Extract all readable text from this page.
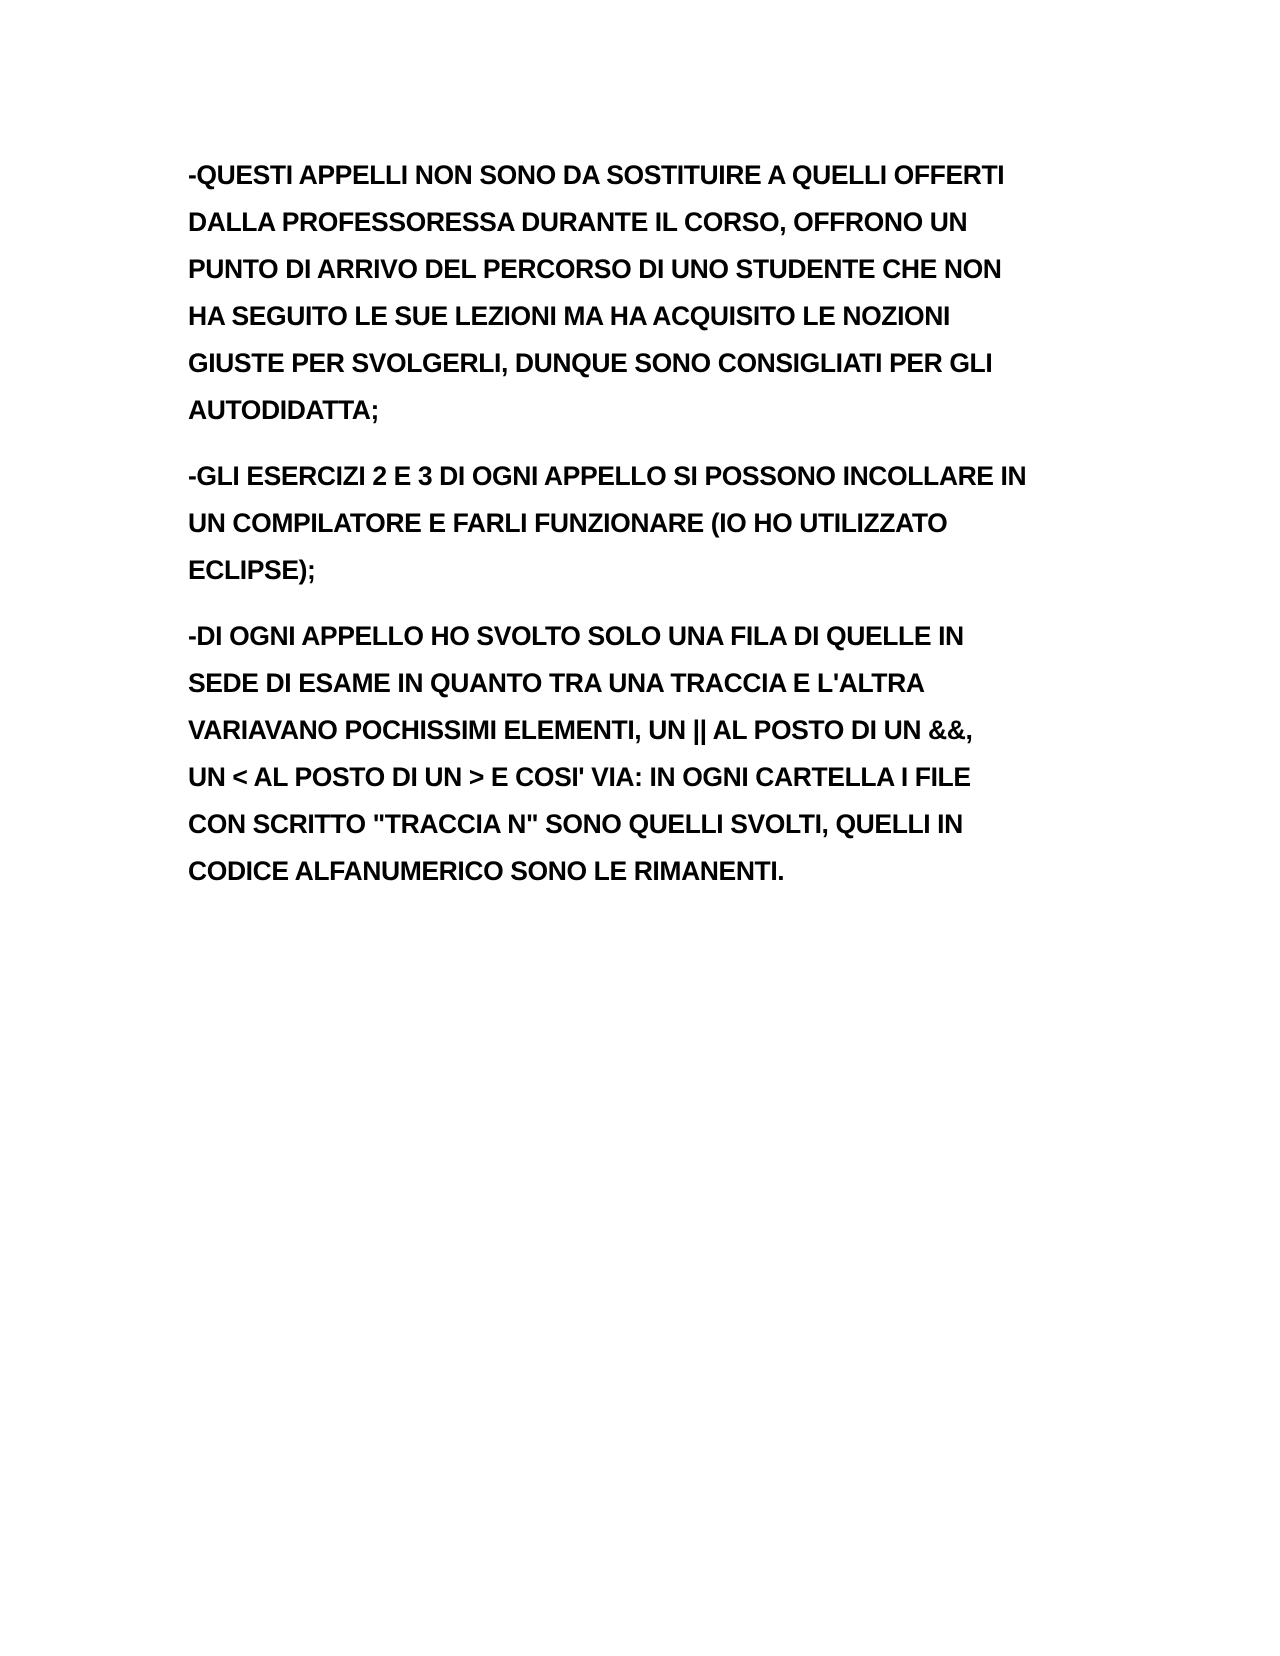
-QUESTI APPELLI NON SONO DA SOSTITUIRE A QUELLI OFFERTI
DALLA PROFESSORESSA DURANTE IL CORSO, OFFRONO UN
PUNTO DI ARRIVO DEL PERCORSO DI UNO STUDENTE CHE NON
HA SEGUITO LE SUE LEZIONI MA HA ACQUISITO LE NOZIONI
GIUSTE PER SVOLGERLI, DUNQUE SONO CONSIGLIATI PER GLI
AUTODIDATTA;

-GLI ESERCIZI 2 E 3 DI OGNI APPELLO SI POSSONO INCOLLARE IN
UN COMPILATORE E FARLI FUNZIONARE (IO HO UTILIZZATO
ECLIPSE);

-DI OGNI APPELLO HO SVOLTO SOLO UNA FILA DI QUELLE IN
SEDE DI ESAME IN QUANTO TRA UNA TRACCIA E L'ALTRA
VARIAVANO POCHISSIMI ELEMENTI, UN || AL POSTO DI UN &&,
UN < AL POSTO DI UN > E COSI' VIA: IN OGNI CARTELLA I FILE
CON SCRITTO "TRACCIA N" SONO QUELLI SVOLTI, QUELLI IN
CODICE ALFANUMERICO SONO LE RIMANENTI.
